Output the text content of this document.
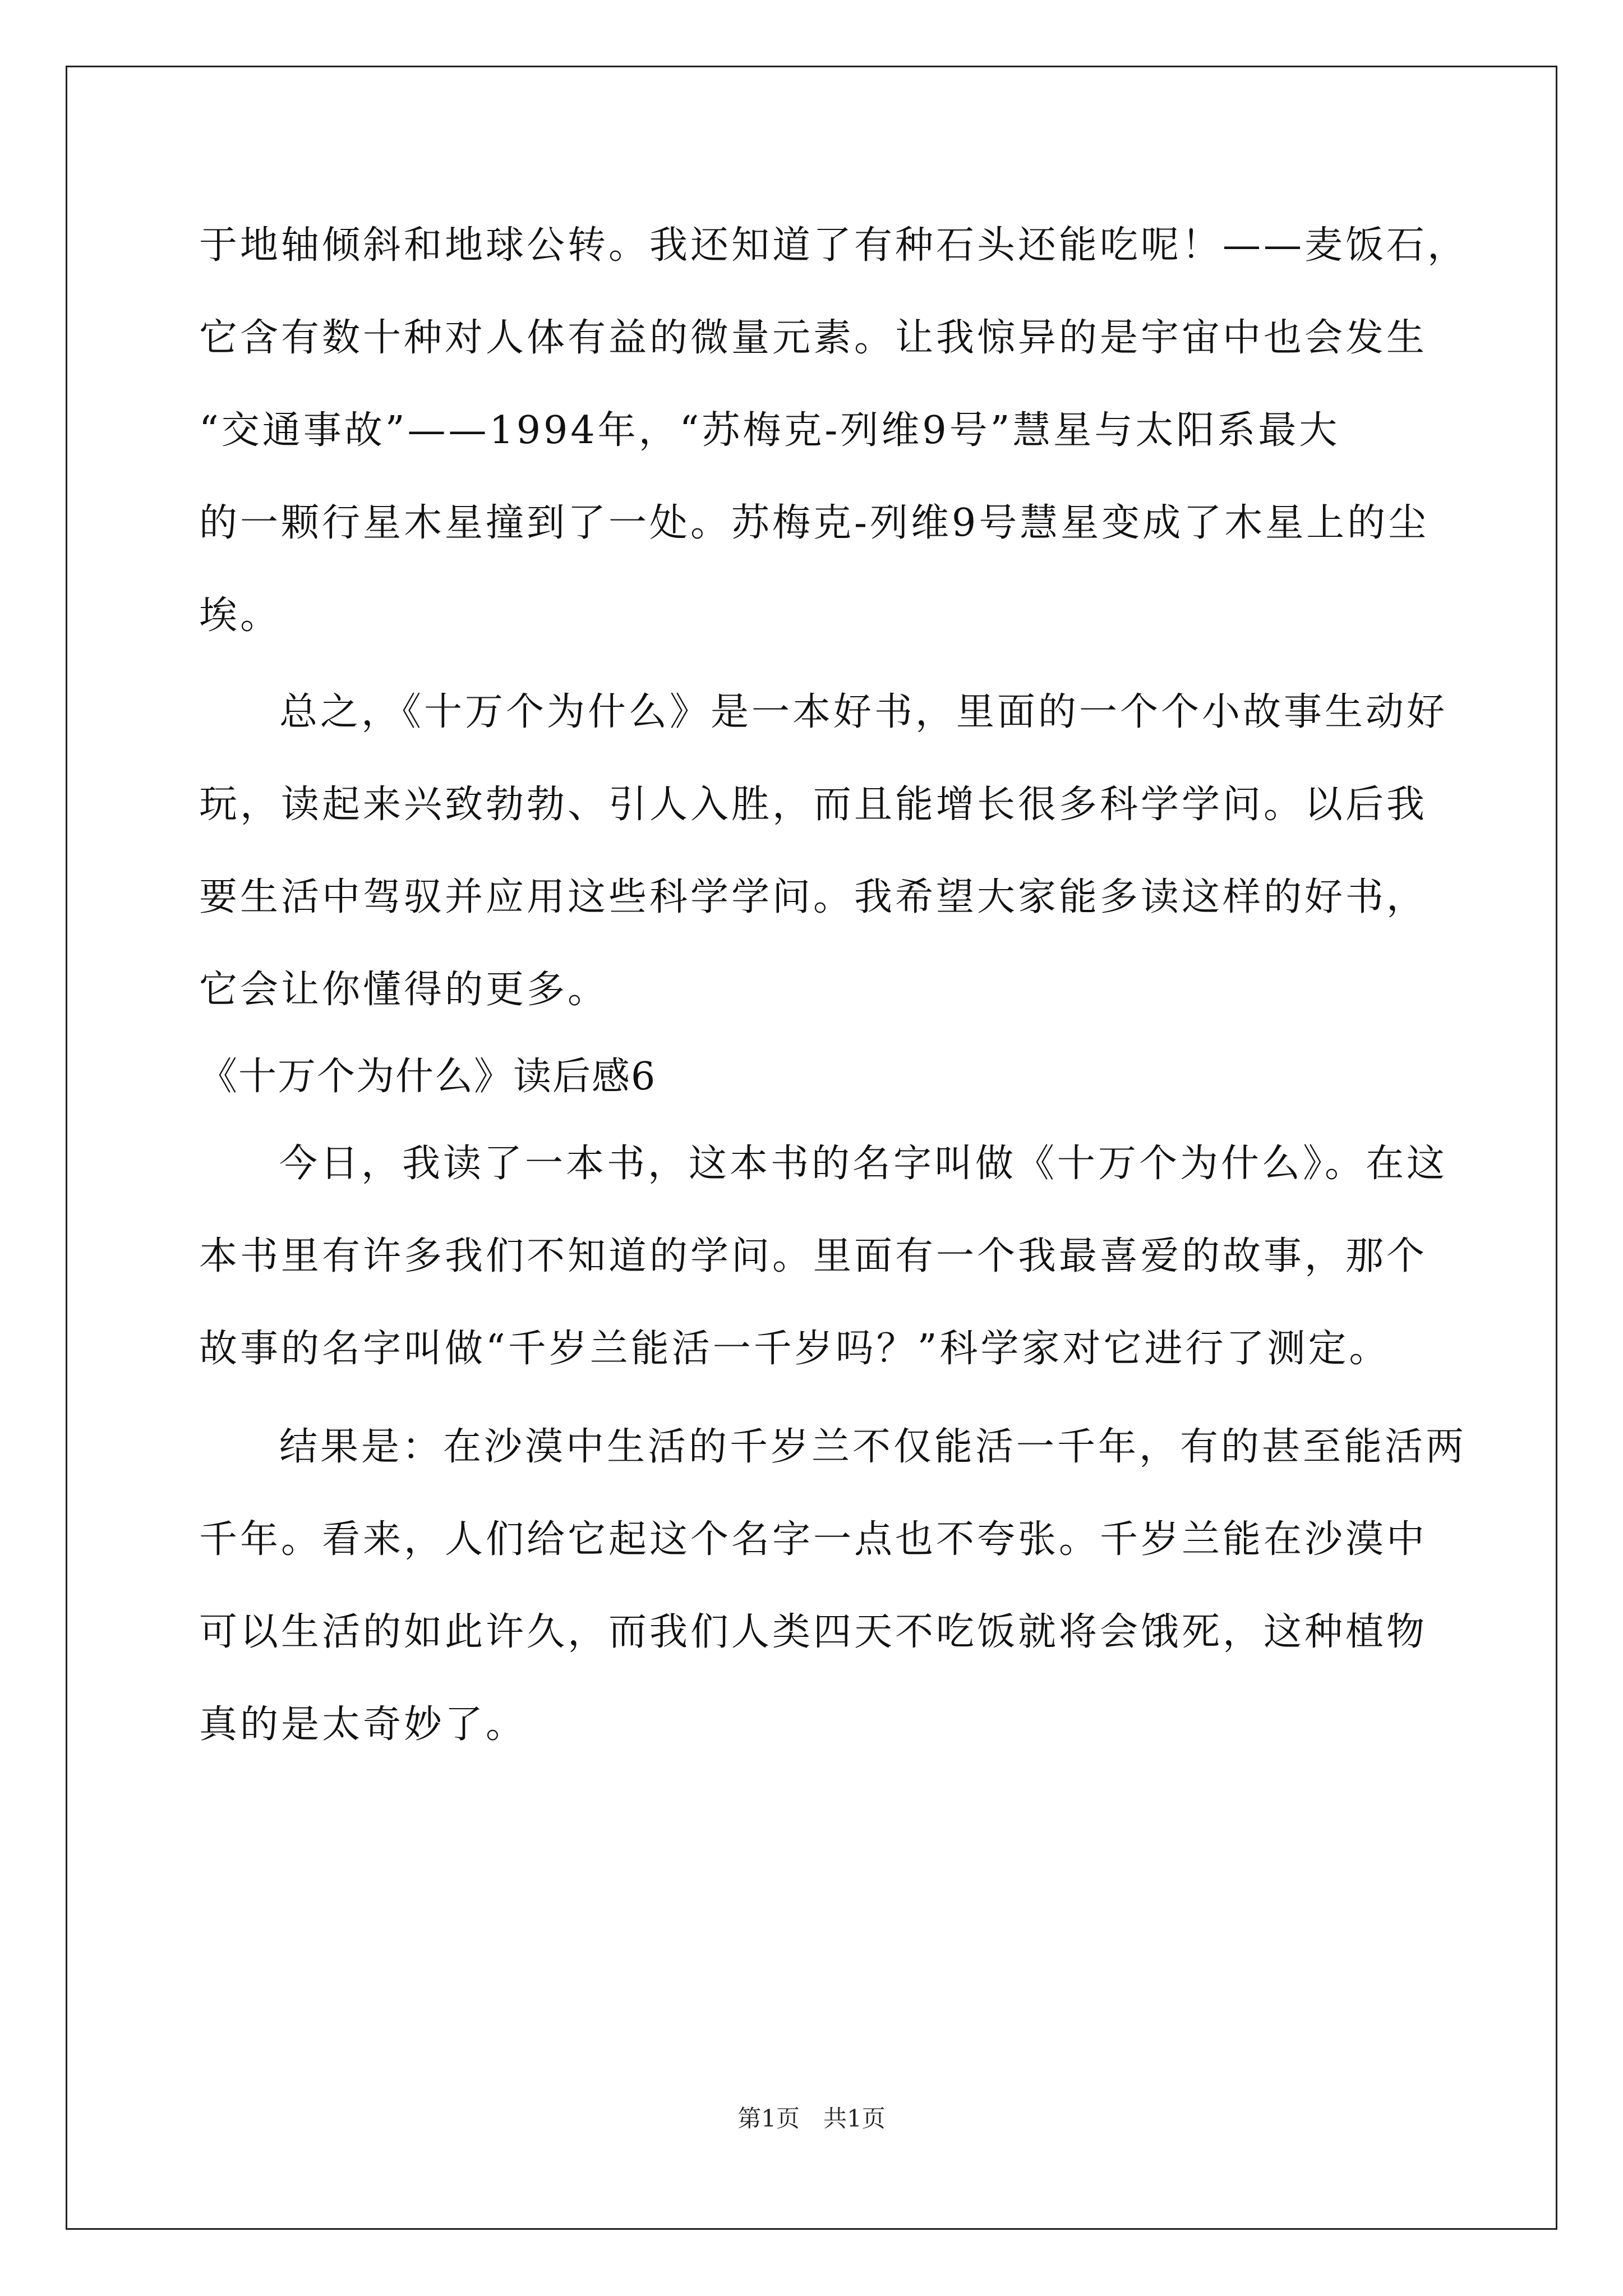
于地轴倾斜和地球公转。我还知道了有种石头还能吃呢！——麦饭石，
它含有数十种对人体有益的微量元素。让我惊异的是宇宙中也会发生
“交通事故”——1994年，“苏梅克-列维9号”慧星与太阳系最大
的一颗行星木星撞到了一处。苏梅克-列维9号慧星变成了木星上的尘
埃。
总之，《十万个为什么》是一本好书，里面的一个个小故事生动好
玩，读起来兴致勃勃、引人入胜，而且能增长很多科学学问。以后我
要生活中驾驭并应用这些科学学问。我希望大家能多读这样的好书，
它会让你懂得的更多。
《十万个为什么》读后感6
今日，我读了一本书，这本书的名字叫做《十万个为什么》。在这
本书里有许多我们不知道的学问。里面有一个我最喜爱的故事，那个
故事的名字叫做“千岁兰能活一千岁吗？”科学家对它进行了测定。
结果是：在沙漠中生活的千岁兰不仅能活一千年，有的甚至能活两
千年。看来，人们给它起这个名字一点也不夸张。千岁兰能在沙漠中
可以生活的如此许久，而我们人类四天不吃饭就将会饿死，这种植物
真的是太奇妙了。
第1页　共1页
